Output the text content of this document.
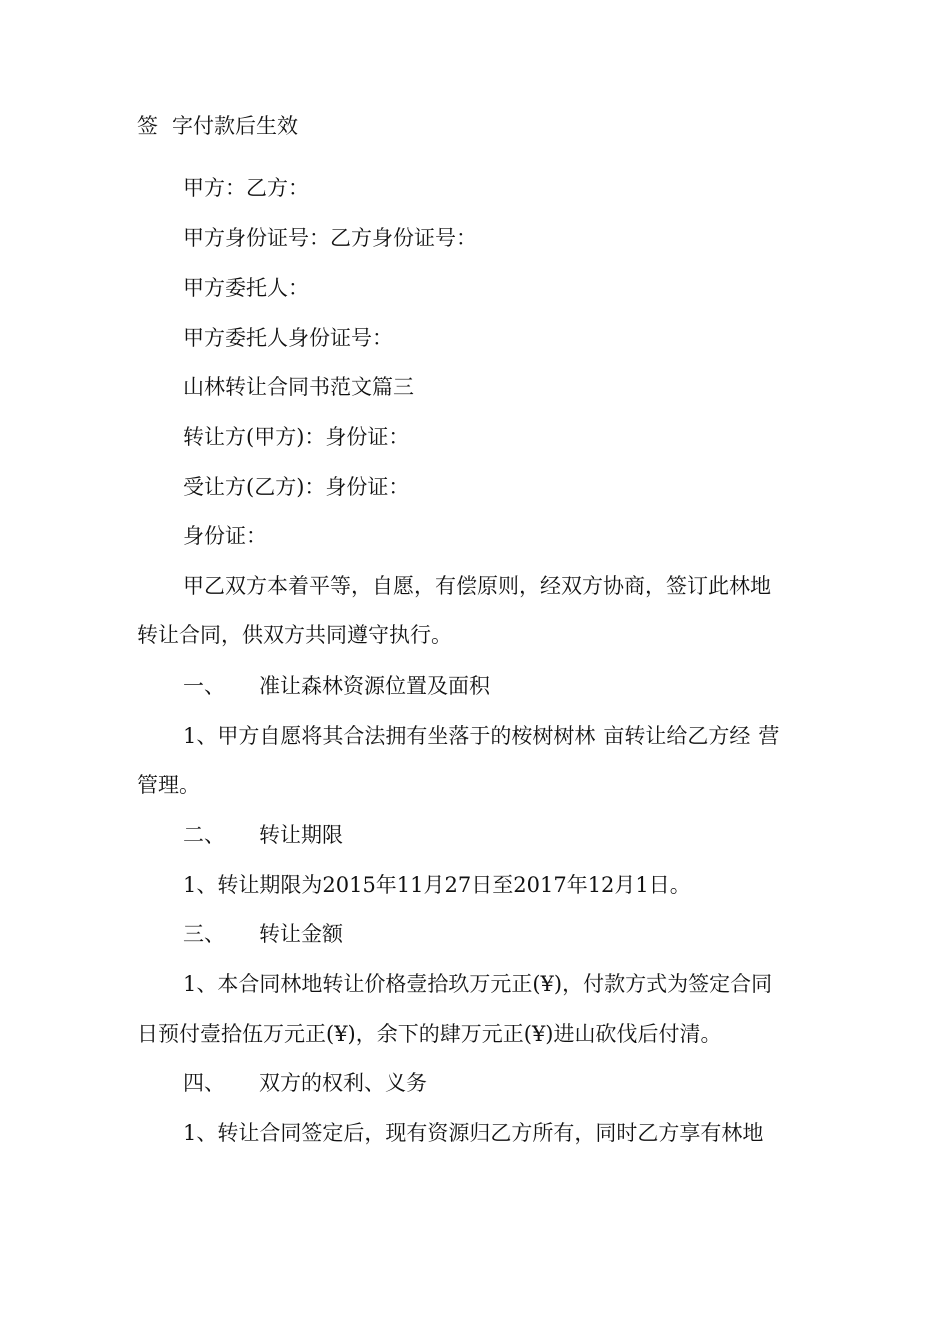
签 字付款后生效
甲方：乙方：
甲方身份证号：乙方身份证号：
甲方委托人：
甲方委托人身份证号：
山林转让合同书范文篇三
转让方(甲方)：身份证：
受让方(乙方)：身份证：
身份证：
甲乙双方本着平等，自愿，有偿原则，经双方协商，签订此林地
转让合同，供双方共同遵守执行。
一、 准让森林资源位置及面积
1、甲方自愿将其合法拥有坐落于的桉树树林 亩转让给乙方经 营
管理。
二、 转让期限
1、转让期限为2015年11月27日至2017年12月1日。
三、 转让金额
1、本合同林地转让价格壹拾玖万元正(¥)，付款方式为签定合同
日预付壹拾伍万元正(¥)，余下的肆万元正(¥)进山砍伐后付清。
四、 双方的权利、义务
1、转让合同签定后，现有资源归乙方所有，同时乙方享有林地
